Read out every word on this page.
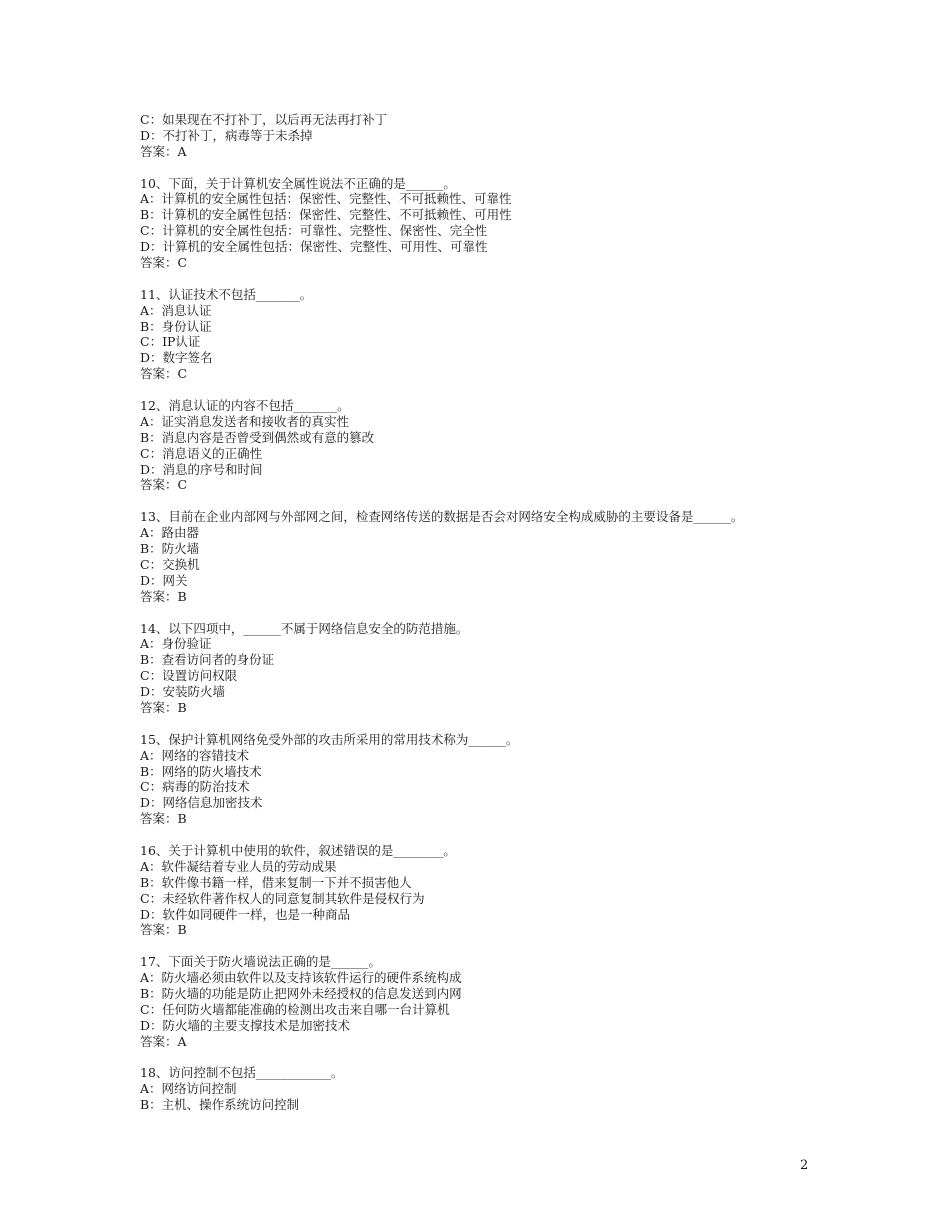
C：如果现在不打补丁，以后再无法再打补丁
D：不打补丁，病毒等于未杀掉
答案：A
10、下面，关于计算机安全属性说法不正确的是______。
A：计算机的安全属性包括：保密性、完整性、不可抵赖性、可靠性
B：计算机的安全属性包括：保密性、完整性、不可抵赖性、可用性
C：计算机的安全属性包括：可靠性、完整性、保密性、完全性
D：计算机的安全属性包括：保密性、完整性、可用性、可靠性
答案：C
11、认证技术不包括_______。
A：消息认证
B：身份认证
C：IP认证
D：数字签名
答案：C
12、消息认证的内容不包括_______。
A：证实消息发送者和接收者的真实性
B：消息内容是否曾受到偶然或有意的篡改
C：消息语义的正确性
D：消息的序号和时间
答案：C
13、目前在企业内部网与外部网之间，检查网络传送的数据是否会对网络安全构成威胁的主要设备是______。
A：路由器
B：防火墙
C：交换机
D：网关
答案：B
14、以下四项中，______不属于网络信息安全的防范措施。
A：身份验证
B：查看访问者的身份证
C：设置访问权限
D：安装防火墙
答案：B
15、保护计算机网络免受外部的攻击所采用的常用技术称为______。
A：网络的容错技术
B：网络的防火墙技术
C：病毒的防治技术
D：网络信息加密技术
答案：B
16、关于计算机中使用的软件，叙述错误的是________。
A：软件凝结着专业人员的劳动成果
B：软件像书籍一样，借来复制一下并不损害他人
C：未经软件著作权人的同意复制其软件是侵权行为
D：软件如同硬件一样，也是一种商品
答案：B
17、下面关于防火墙说法正确的是______。
A：防火墙必须由软件以及支持该软件运行的硬件系统构成
B：防火墙的功能是防止把网外未经授权的信息发送到内网
C：任何防火墙都能准确的检测出攻击来自哪一台计算机
D：防火墙的主要支撑技术是加密技术
答案：A
18、访问控制不包括____________。
A：网络访问控制
B：主机、操作系统访问控制
2
